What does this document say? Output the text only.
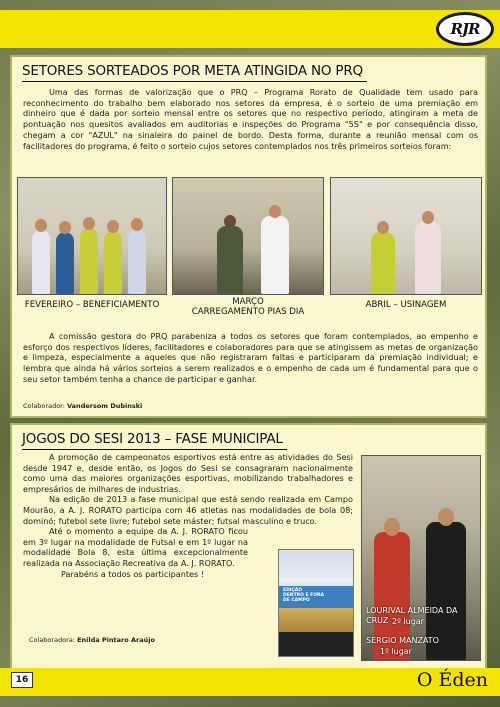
RJR
SETORES SORTEADOS POR META ATINGIDA NO PRQ

Uma das formas de valorização que o PRQ – Programa Rorato de Qualidade tem usado para reconhecimento do trabalho bem elaborado nos setores da empresa, é o sorteio de uma premiação em dinheiro que é dada por sorteio mensal entre os setores que no respectivo período, atingiram a meta de pontuação nos quesitos avaliados em auditorias e inspeções do Programa "5S" e por consequência disso, chegam a cor "AZUL" na sinaleira do painel de bordo. Desta forma, durante a reunião mensal com os facilitadores do programa, é feito o sorteio cujos setores contemplados nos três primeiros sorteios foram:

FEVEREIRO – BENEFICIAMENTO	MARÇO
CARREGAMENTO PIAS DIA
ABRIL – USINAGEM

A comissão gestora do PRQ parabeniza a todos os setores que foram contemplados, ao empenho e esforço dos respectivos líderes, facilitadores e colaboradores para que se atingissem as metas de organização e limpeza, especialmente a aqueles que não registraram faltas e participaram da premiação individual; e lembra que ainda há vários sorteios a serem realizados e o empenho de cada um é fundamental para que o seu setor também tenha a chance de participar e ganhar.

Colaborador: Vandersom Dubinski
JOGOS DO SESI 2013 – FASE MUNICIPAL

A promoção de campeonatos esportivos está entre as atividades do Sesi desde 1947 e, desde então, os Jogos do Sesi se consagraram nacionalmente como uma das maiores organizações esportivas, mobilizando trabalhadores e empresários de milhares de industrias.

Na edição de 2013 a fase municipal que está sendo realizada em Campo Mourão, a A. J. RORATO participa com 46 atletas nas modalidades de bola 08; dominó; futebol sete livre; futebol sete máster; futsal masculino e truco.

Até o momento a equipe da A. J. RORATO ficou em 3º lugar na modalidade de Futsal e em 1º lugar na modalidade Bola 8, esta última excepcionalmente realizada na Associação Recreativa da A. J. RORATO.

Parabéns a todos os participantes !

EDIÇÃO
DENTRO E FORA
DE CAMPO
LOURIVAL ALMEIDA DA CRUZ 2º lugar
SERGIO MANZATO
1º lugar
Colaboradora: Enilda Pintaro Araújo
16	O Éden
